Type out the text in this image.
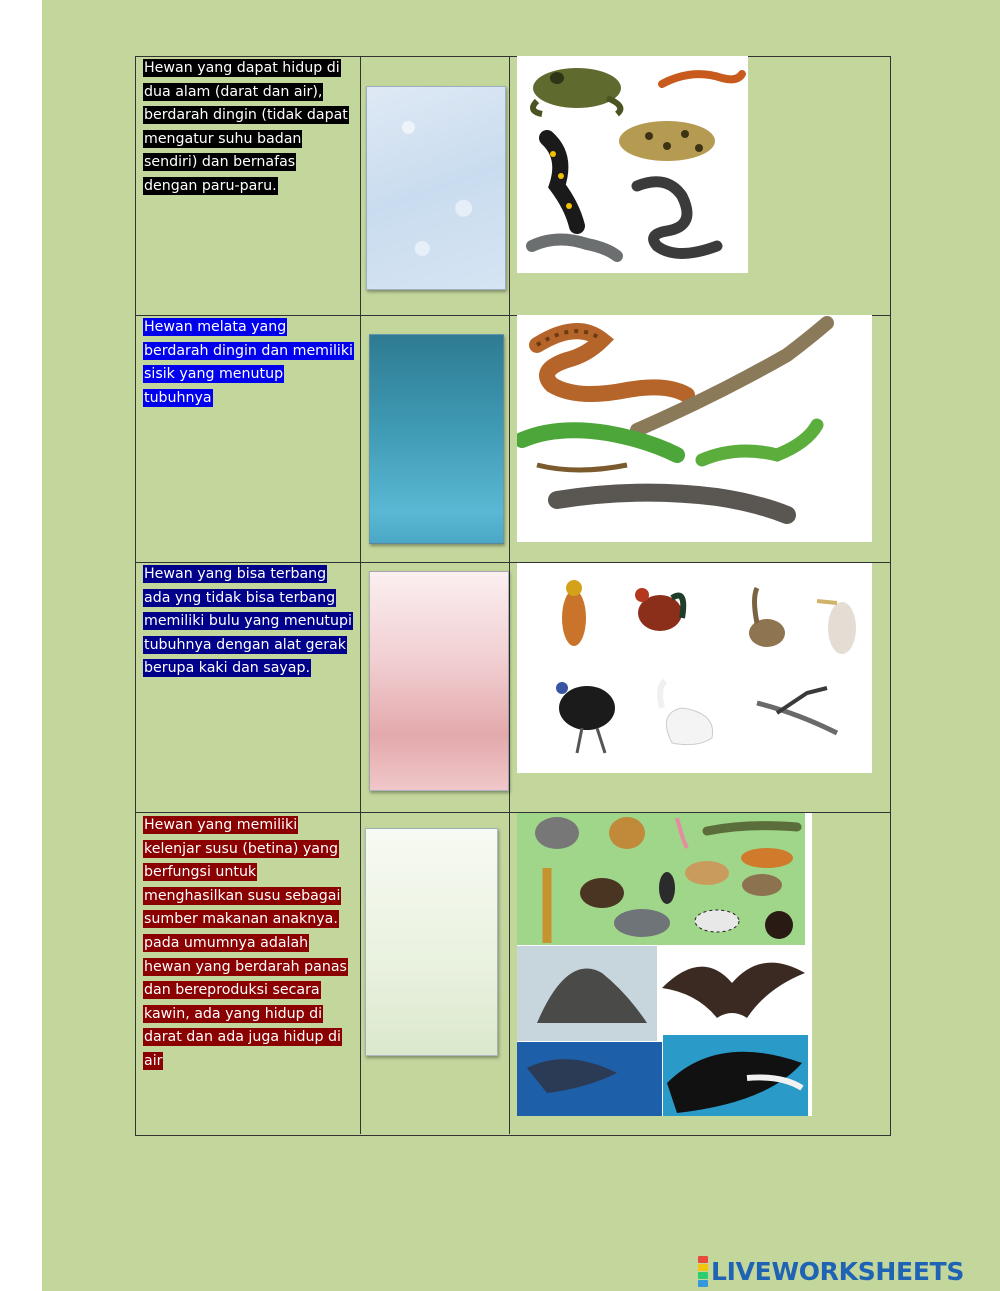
Hewan yang dapat hidup di dua alam (darat dan air), berdarah dingin (tidak dapat mengatur suhu badan sendiri) dan bernafas dengan paru-paru.
Hewan melata yang berdarah dingin dan memiliki sisik yang menutup tubuhnya
Hewan yang bisa terbang ada yng tidak bisa terbang memiliki bulu yang menutupi tubuhnya dengan alat gerak berupa kaki dan sayap.
Hewan yang memiliki kelenjar susu (betina) yang berfungsi untuk menghasilkan susu sebagai sumber makanan anaknya. pada umumnya adalah hewan yang berdarah panas dan bereproduksi secara kawin, ada yang hidup di darat dan ada juga hidup di air
LIVEWORKSHEETS
